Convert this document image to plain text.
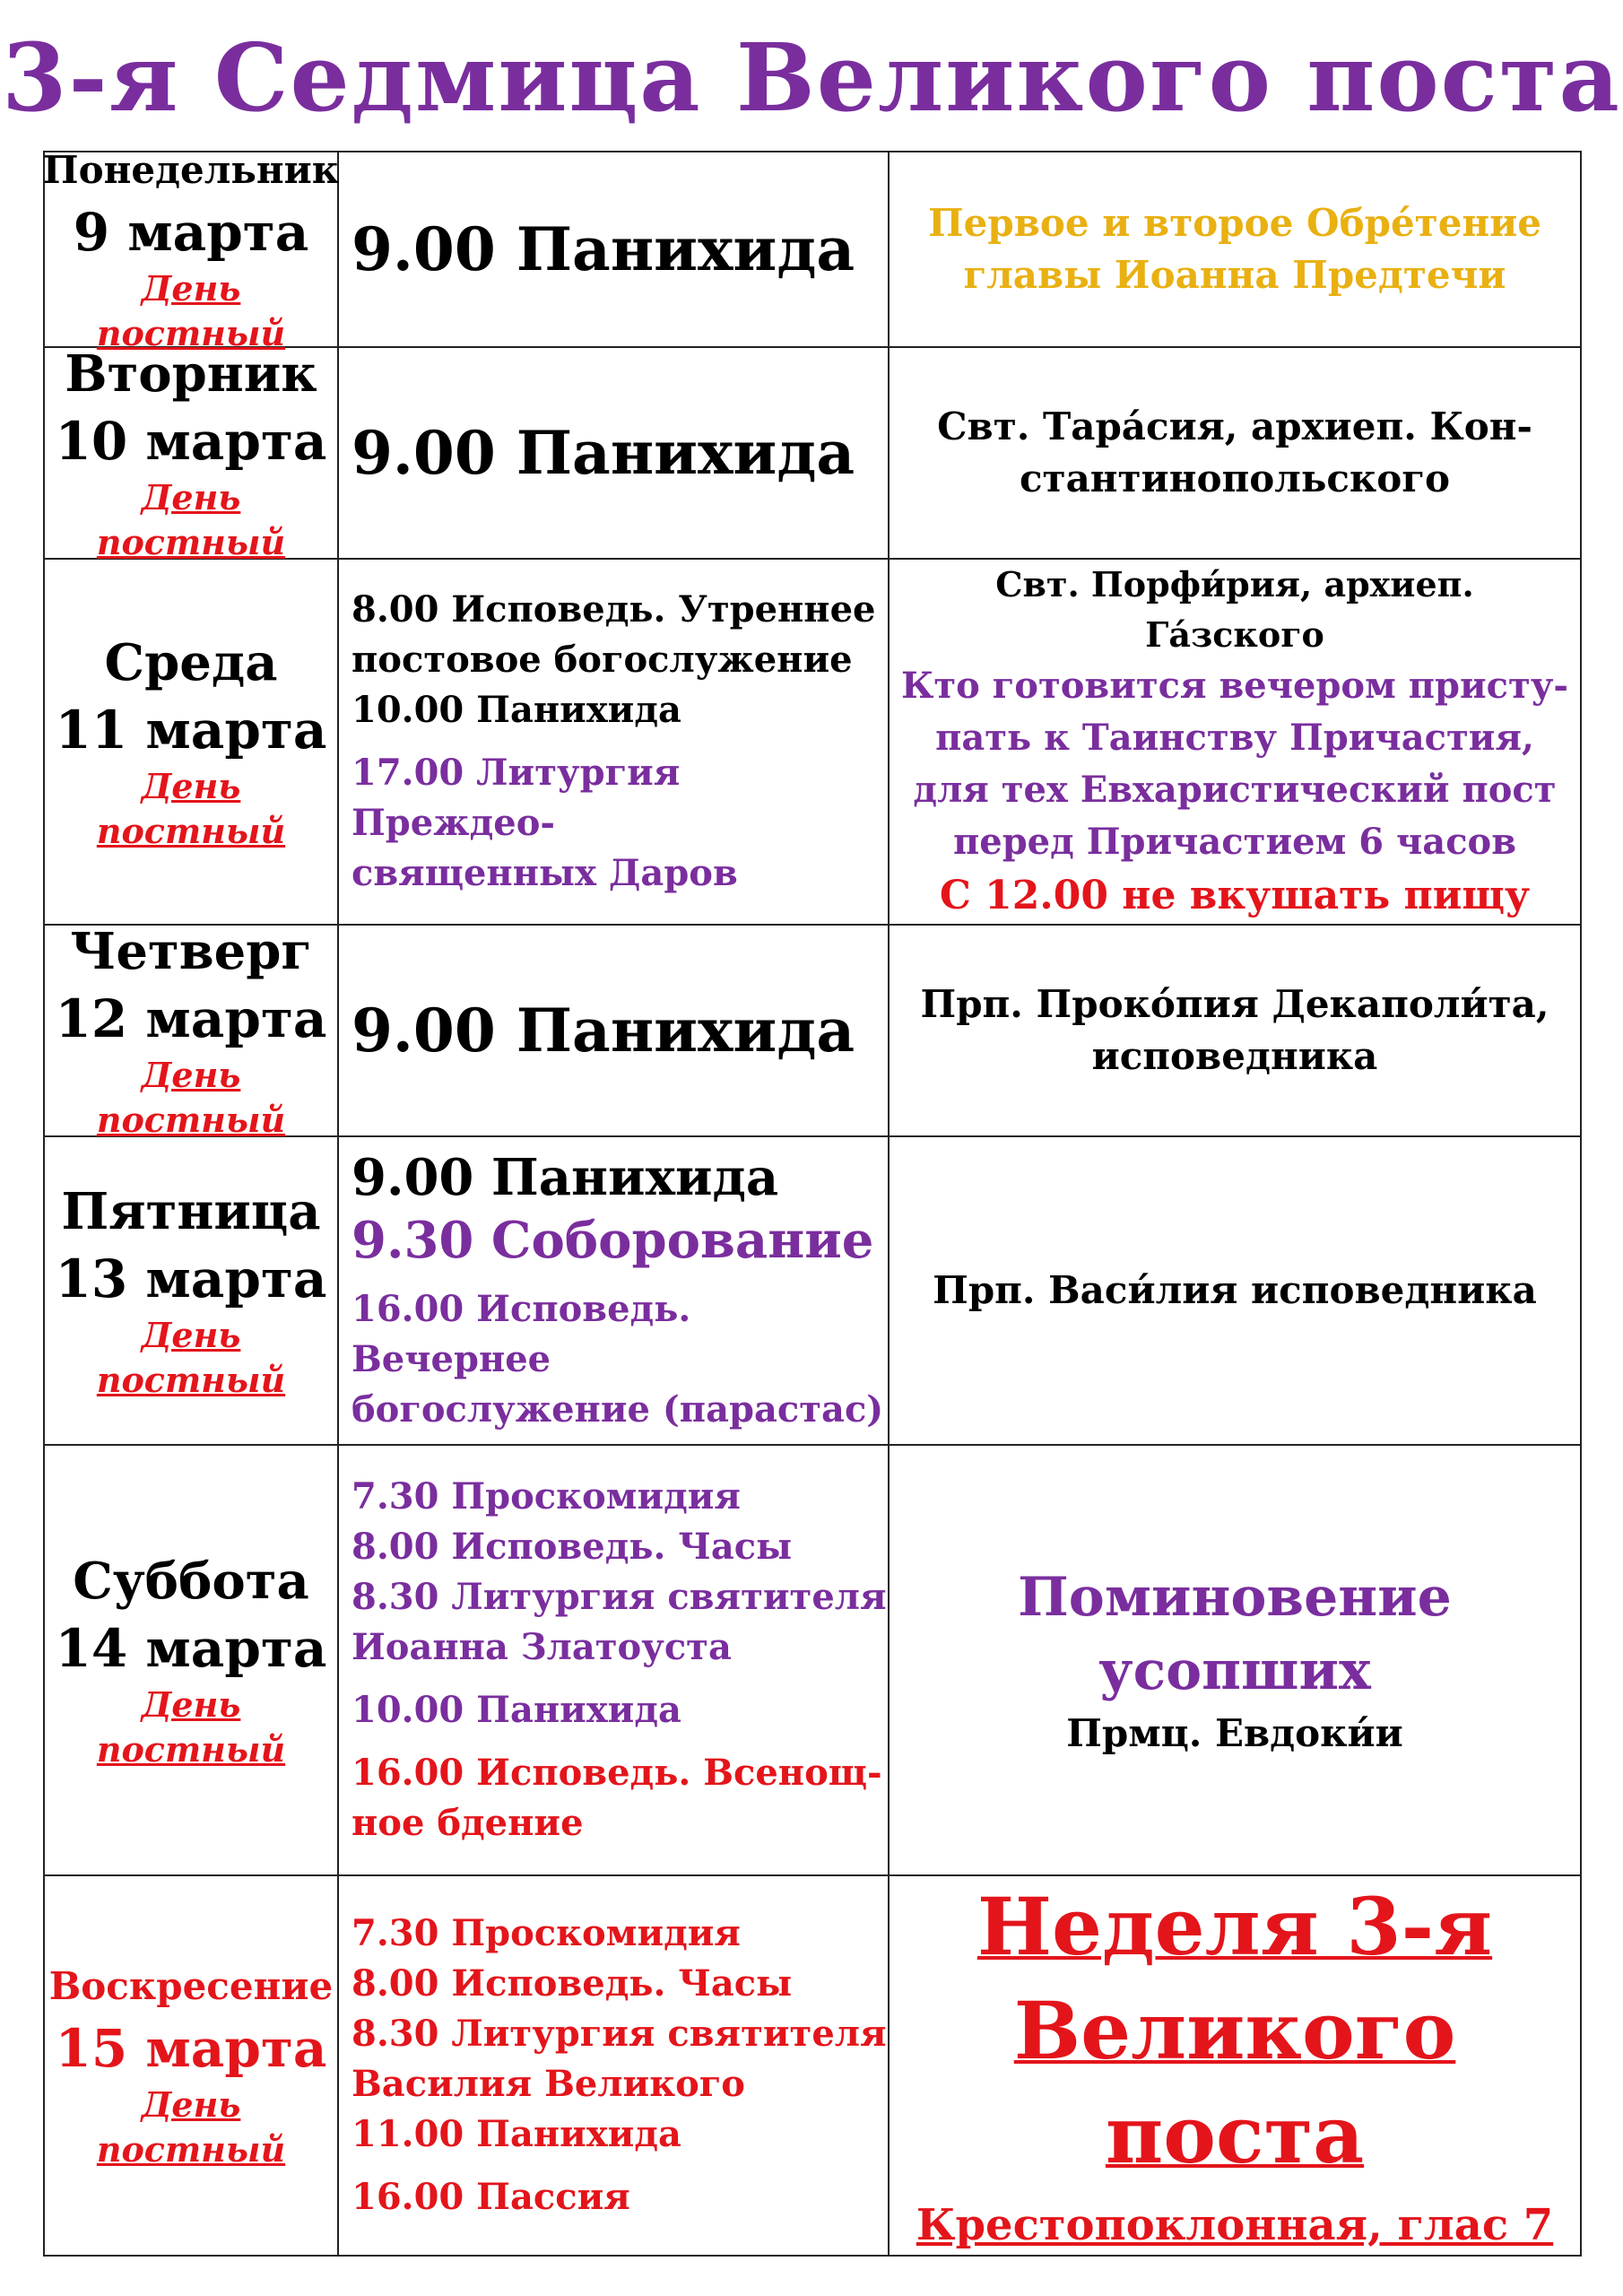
3-я Седмица Великого поста
Понедельник
9 марта
День постный
9.00 Панихида Первое и второе Обре́тение
главы Иоанна Предтечи
Вторник
10 марта
День постный
9.00 Панихида Свт. Тара́сия, архиеп. Кон-
стантинопольского
Среда
11 марта
День постный
8.00 Исповедь. Утреннее
постовое богослужение
10.00 Панихида
17.00 Литургия Преждео-
священных Даров
Свт. Порфи́рия, архиеп. Га́зского
Кто готовится вечером присту-
пать к Таинству Причастия,
для тех Евхаристический пост
перед Причастием 6 часов
С 12.00 не вкушать пищу
Четверг
12 марта
День постный
9.00 Панихида Прп. Проко́пия Декаполи́та,
исповедника
Пятница
13 марта
День постный
9.00 Панихида
9.30 Соборование
16.00 Исповедь. Вечернее
богослужение (парастас)
Прп. Васи́лия исповедника
Суббота
14 марта
День постный
7.30 Проскомидия
8.00 Исповедь. Часы
8.30 Литургия святителя
Иоанна Златоуста
10.00 Панихида
16.00 Исповедь. Всенощ-
ное бдение
Поминовение усопших
Прмц. Евдоки́и
Воскресение
15 марта
День постный
7.30 Проскомидия
8.00 Исповедь. Часы
8.30 Литургия святителя
Василия Великого
11.00 Панихида
16.00 Пассия
Неделя 3-я
Великого поста
Крестопоклонная, глас 7
